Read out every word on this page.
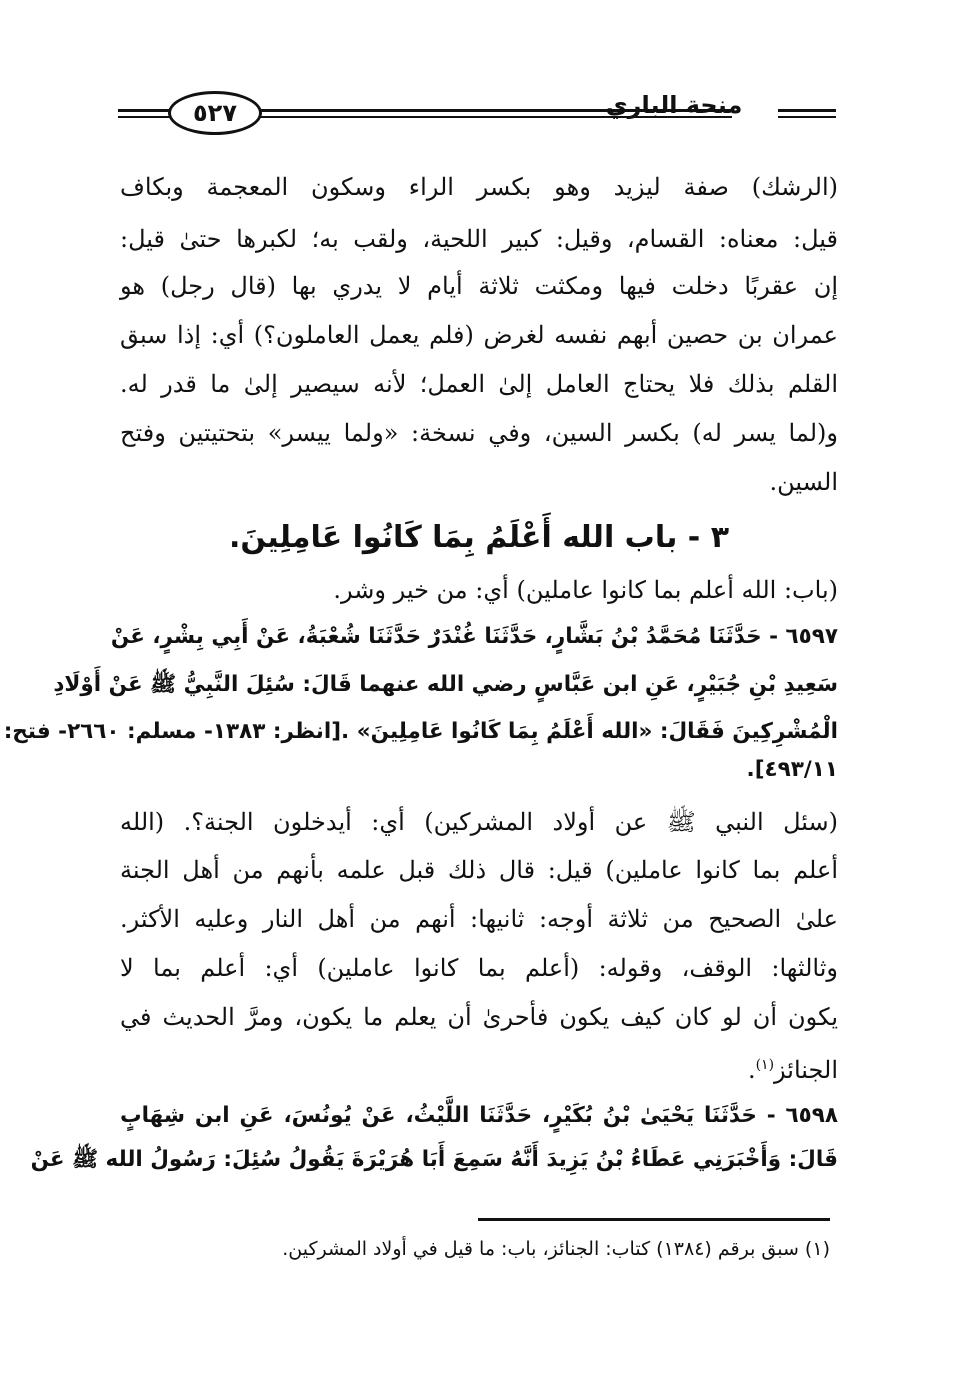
٥٢٧	منحة الباري
(الرشك) صفة ليزيد وهو بكسر الراء وسكون المعجمة وبكاف
قيل: معناه: القسام، وقيل: كبير اللحية، ولقب به؛ لكبرها حتىٰ قيل:
إن عقربًا دخلت فيها ومكثت ثلاثة أيام لا يدري بها (قال رجل) هو
عمران بن حصين أبهم نفسه لغرض (فلم يعمل العاملون؟) أي: إذا سبق
القلم بذلك فلا يحتاج العامل إلىٰ العمل؛ لأنه سيصير إلىٰ ما قدر له.
و(لما يسر له) بكسر السين، وفي نسخة: «ولما ييسر» بتحتيتين وفتح
السين.
٣ - باب الله أَعْلَمُ بِمَا كَانُوا عَامِلِينَ.
(باب: الله أعلم بما كانوا عاملين) أي: من خير وشر.
٦٥٩٧ - حَدَّثَنَا مُحَمَّدُ بْنُ بَشَّارٍ، حَدَّثَنَا غُنْدَرٌ حَدَّثَنَا شُعْبَةُ، عَنْ أَبِي بِشْرٍ، عَنْ
سَعِيدِ بْنِ جُبَيْرٍ، عَنِ ابن عَبَّاسٍ رضي الله عنهما قَالَ: سُئِلَ النَّبِيُّ ﷺ عَنْ أَوْلَادِ
الْمُشْرِكِينَ فَقَالَ: «الله أَعْلَمُ بِمَا كَانُوا عَامِلِينَ» .[انظر: ١٣٨٣- مسلم: ٢٦٦٠- فتح:
٤٩٣/١١].
(سئل النبي ﷺ عن أولاد المشركين) أي: أيدخلون الجنة؟. (الله
أعلم بما كانوا عاملين) قيل: قال ذلك قبل علمه بأنهم من أهل الجنة
علىٰ الصحيح من ثلاثة أوجه: ثانيها: أنهم من أهل النار وعليه الأكثر.
وثالثها: الوقف، وقوله: (أعلم بما كانوا عاملين) أي: أعلم بما لا
يكون أن لو كان كيف يكون فأحرىٰ أن يعلم ما يكون، ومرَّ الحديث في
الجنائز$^{(١)}$.
٦٥٩٨ - حَدَّثَنَا يَحْيَىٰ بْنُ بُكَيْرٍ، حَدَّثَنَا اللَّيْثُ، عَنْ يُونُسَ، عَنِ ابن شِهَابٍ
قَالَ: وَأَخْبَرَنِي عَطَاءُ بْنُ يَزِيدَ أَنَّهُ سَمِعَ أَبَا هُرَيْرَةَ يَقُولُ سُئِلَ: رَسُولُ الله ﷺ عَنْ
(١) سبق برقم (١٣٨٤) كتاب: الجنائز، باب: ما قيل في أولاد المشركين.
